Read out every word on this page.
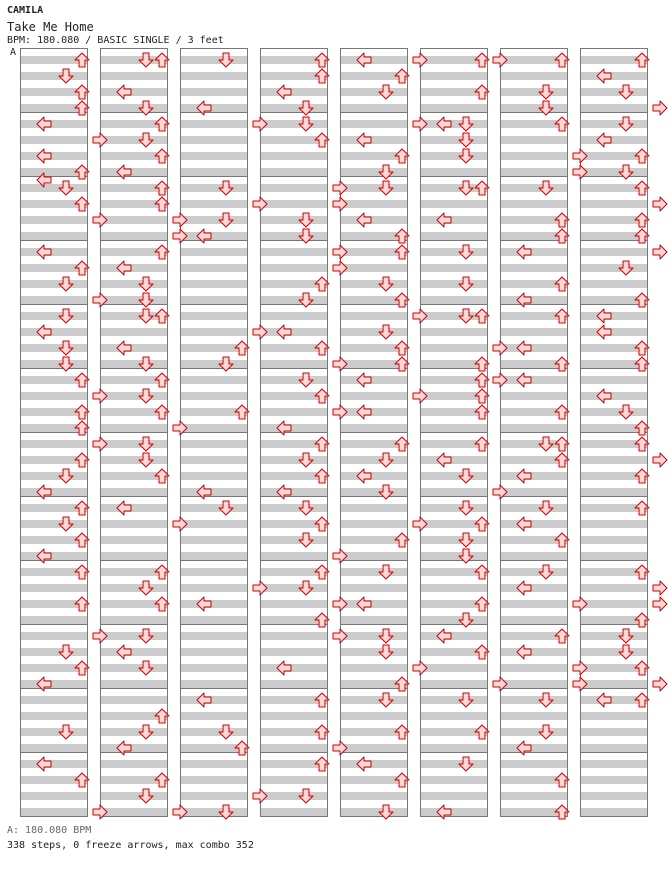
CAMILA
Take Me Home
BPM: 180.080 / BASIC SINGLE / 3 feet
A
A: 180.080 BPM
338 steps, 0 freeze arrows, max combo 352
